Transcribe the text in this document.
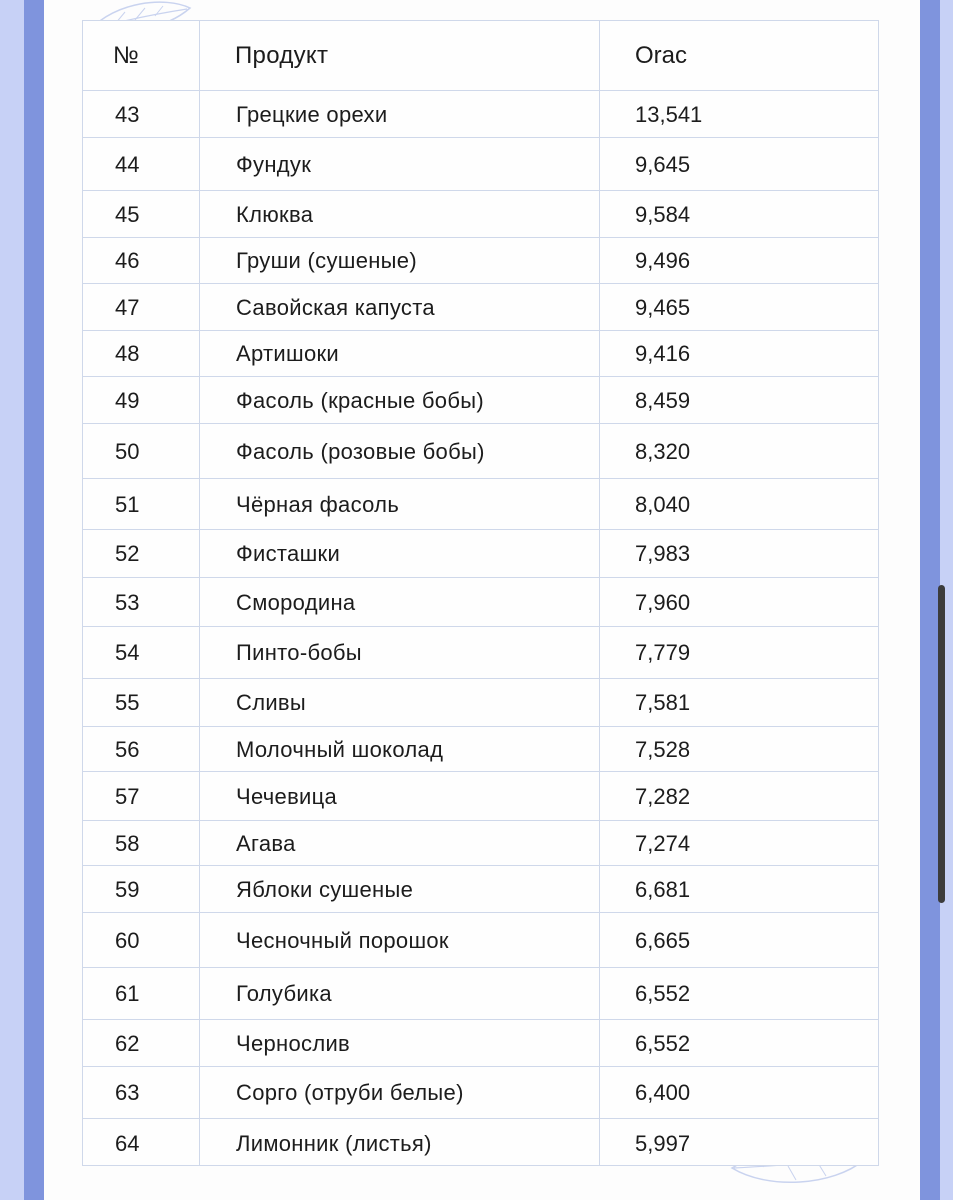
№	Продукт	Orac
43	Грецкие орехи	13,541
44	Фундук	9,645
45	Клюква	9,584
46	Груши (сушеные)	9,496
47	Савойская капуста	9,465
48	Артишоки	9,416
49	Фасоль (красные бобы)	8,459
50	Фасоль (розовые бобы)	8,320
51	Чёрная фасоль	8,040
52	Фисташки	7,983
53	Смородина	7,960
54	Пинто-бобы	7,779
55	Сливы	7,581
56	Молочный шоколад	7,528
57	Чечевица	7,282
58	Агава	7,274
59	Яблоки сушеные	6,681
60	Чесночный порошок	6,665
61	Голубика	6,552
62	Чернослив	6,552
63	Сорго (отруби белые)	6,400
64	Лимонник (листья)	5,997
